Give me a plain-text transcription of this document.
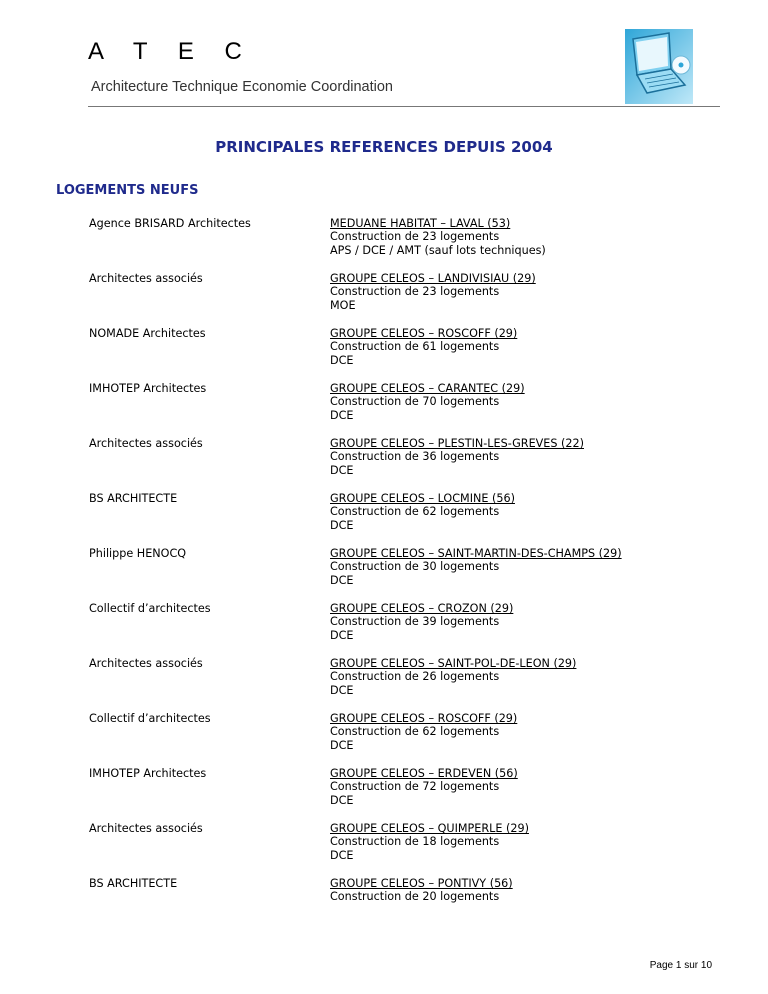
A T E C
Architecture Technique Economie Coordination
PRINCIPALES REFERENCES DEPUIS 2004
LOGEMENTS NEUFS
Agence BRISARD Architectes	MEDUANE HABITAT – LAVAL (53)
Construction de 23 logements
APS / DCE / AMT (sauf lots techniques)
Architectes associés	GROUPE CELEOS – LANDIVISIAU (29)
Construction de 23 logements
MOE
NOMADE Architectes	GROUPE CELEOS – ROSCOFF (29)
Construction de 61 logements
DCE
IMHOTEP Architectes	GROUPE CELEOS – CARANTEC (29)
Construction de 70 logements
DCE
Architectes associés	GROUPE CELEOS – PLESTIN-LES-GREVES (22)
Construction de 36 logements
DCE
BS ARCHITECTE	GROUPE CELEOS – LOCMINE (56)
Construction de 62 logements
DCE
Philippe HENOCQ	GROUPE CELEOS – SAINT-MARTIN-DES-CHAMPS (29)
Construction de 30 logements
DCE
Collectif d’architectes	GROUPE CELEOS – CROZON (29)
Construction de 39 logements
DCE
Architectes associés	GROUPE CELEOS – SAINT-POL-DE-LEON (29)
Construction de 26 logements
DCE
Collectif d’architectes	GROUPE CELEOS – ROSCOFF (29)
Construction de 62 logements
DCE
IMHOTEP Architectes	GROUPE CELEOS – ERDEVEN (56)
Construction de 72 logements
DCE
Architectes associés	GROUPE CELEOS – QUIMPERLE (29)
Construction de 18 logements
DCE
BS ARCHITECTE	GROUPE CELEOS – PONTIVY (56)
Construction de 20 logements
Page 1 sur 10
